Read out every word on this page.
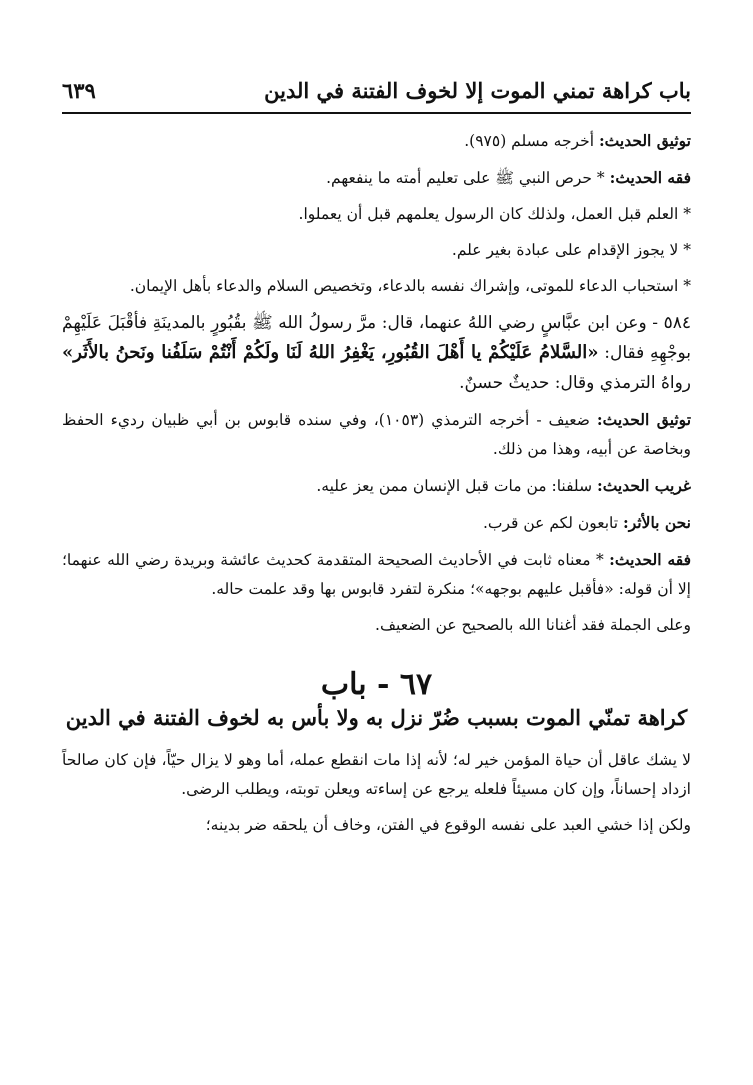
باب كراهة تمني الموت إلا لخوف الفتنة في الدين
٦٣٩

توثيق الحديث: أخرجه مسلم (٩٧٥).

فقه الحديث: * حرص النبي ﷺ على تعليم أمته ما ينفعهم.

* العلم قبل العمل، ولذلك كان الرسول يعلمهم قبل أن يعملوا.

* لا يجوز الإقدام على عبادة بغير علم.

* استحباب الدعاء للموتى، وإشراك نفسه بالدعاء، وتخصيص السلام والدعاء بأهل الإيمان.

٥٨٤ - وعن ابن عبَّاسٍ رضي اللهُ عنهما، قال: مرَّ رسولُ الله ﷺ بقُبُورٍ بالمدينَةِ فأقْبَلَ عَلَيْهِمْ بوجْهِهِ فقال: «السَّلامُ عَلَيْكُمْ يا أَهْلَ القُبُورِ، يَغْفِرُ اللهُ لَنَا ولَكُمْ أَنْتُمْ سَلَفُنا ونَحنُ بالأَثَر» رواهُ الترمذي وقال: حديثٌ حسنٌ.

توثيق الحديث: ضعيف - أخرجه الترمذي (١٠٥٣)، وفي سنده قابوس بن أبي ظبيان رديء الحفظ وبخاصة عن أبيه، وهذا من ذلك.

غريب الحديث: سلفنا: من مات قبل الإنسان ممن يعز عليه.

نحن بالأثر: تابعون لكم عن قرب.

فقه الحديث: * معناه ثابت في الأحاديث الصحيحة المتقدمة كحديث عائشة وبريدة رضي الله عنهما؛ إلا أن قوله: «فأقبل عليهم بوجهه»؛ منكرة لتفرد قابوس بها وقد علمت حاله.

وعلى الجملة فقد أغنانا الله بالصحيح عن الضعيف.

٦٧ - باب
كراهة تمنّي الموت بسبب ضُرّ نزل به ولا بأس به لخوف الفتنة في الدين

لا يشك عاقل أن حياة المؤمن خير له؛ لأنه إذا مات انقطع عمله، أما وهو لا يزال حيّاً، فإن كان صالحاً ازداد إحساناً، وإن كان مسيئاً فلعله يرجع عن إساءته ويعلن توبته، ويطلب الرضى.

ولكن إذا خشي العبد على نفسه الوقوع في الفتن، وخاف أن يلحقه ضر بدينه؛
